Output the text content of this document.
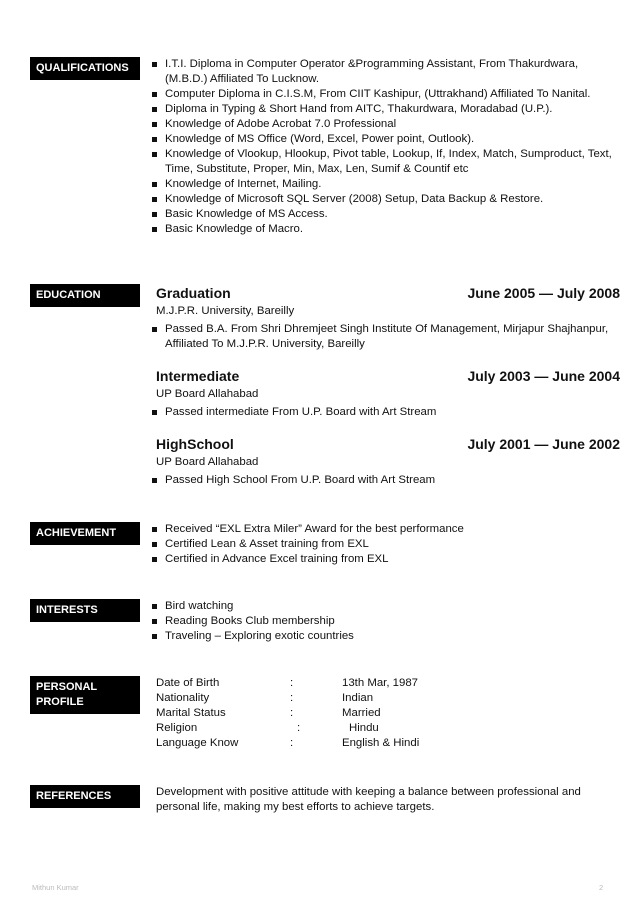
QUALIFICATIONS	I.T.I. Diploma in Computer Operator &Programming Assistant, From Thakurdwara, (M.B.D.) Affiliated To Lucknow.
Computer Diploma in C.I.S.M, From CIIT Kashipur, (Uttrakhand) Affiliated To Nanital.
Diploma in Typing & Short Hand from AITC, Thakurdwara, Moradabad (U.P.).
Knowledge of Adobe Acrobat 7.0 Professional
Knowledge of MS Office (Word, Excel, Power point, Outlook).
Knowledge of Vlookup, Hlookup, Pivot table, Lookup, If, Index, Match, Sumproduct, Text, Time, Substitute, Proper, Min, Max, Len, Sumif & Countif etc
Knowledge of Internet, Mailing.
Knowledge of Microsoft SQL Server (2008) Setup, Data Backup & Restore.
Basic Knowledge of MS Access.
Basic Knowledge of Macro.
EDUCATION	Graduation	June 2005 — July 2008
M.J.P.R. University, Bareilly
Passed B.A. From Shri Dhremjeet Singh Institute Of Management, Mirjapur Shajhanpur, Affiliated To M.J.P.R. University, Bareilly
Intermediate	July 2003 — June 2004
UP Board Allahabad
Passed intermediate From U.P. Board with Art Stream
HighSchool	July 2001 — June 2002
UP Board Allahabad
Passed High School From U.P. Board with Art Stream
ACHIEVEMENT	Received “EXL Extra Miler” Award for the best performance
Certified Lean & Asset training from EXL
Certified in Advance Excel training from EXL
INTERESTS	Bird watching
Reading Books Club membership
Traveling – Exploring exotic countries
PERSONAL
PROFILE
Date of Birth	:	13th Mar, 1987
Nationality	:	Indian
Marital Status	:	Married
Religion	:	Hindu
Language Know	:	English & Hindi
REFERENCES	Development with positive attitude with keeping a balance between professional and personal life, making my best efforts to achieve targets.
Mithun Kumar	2
